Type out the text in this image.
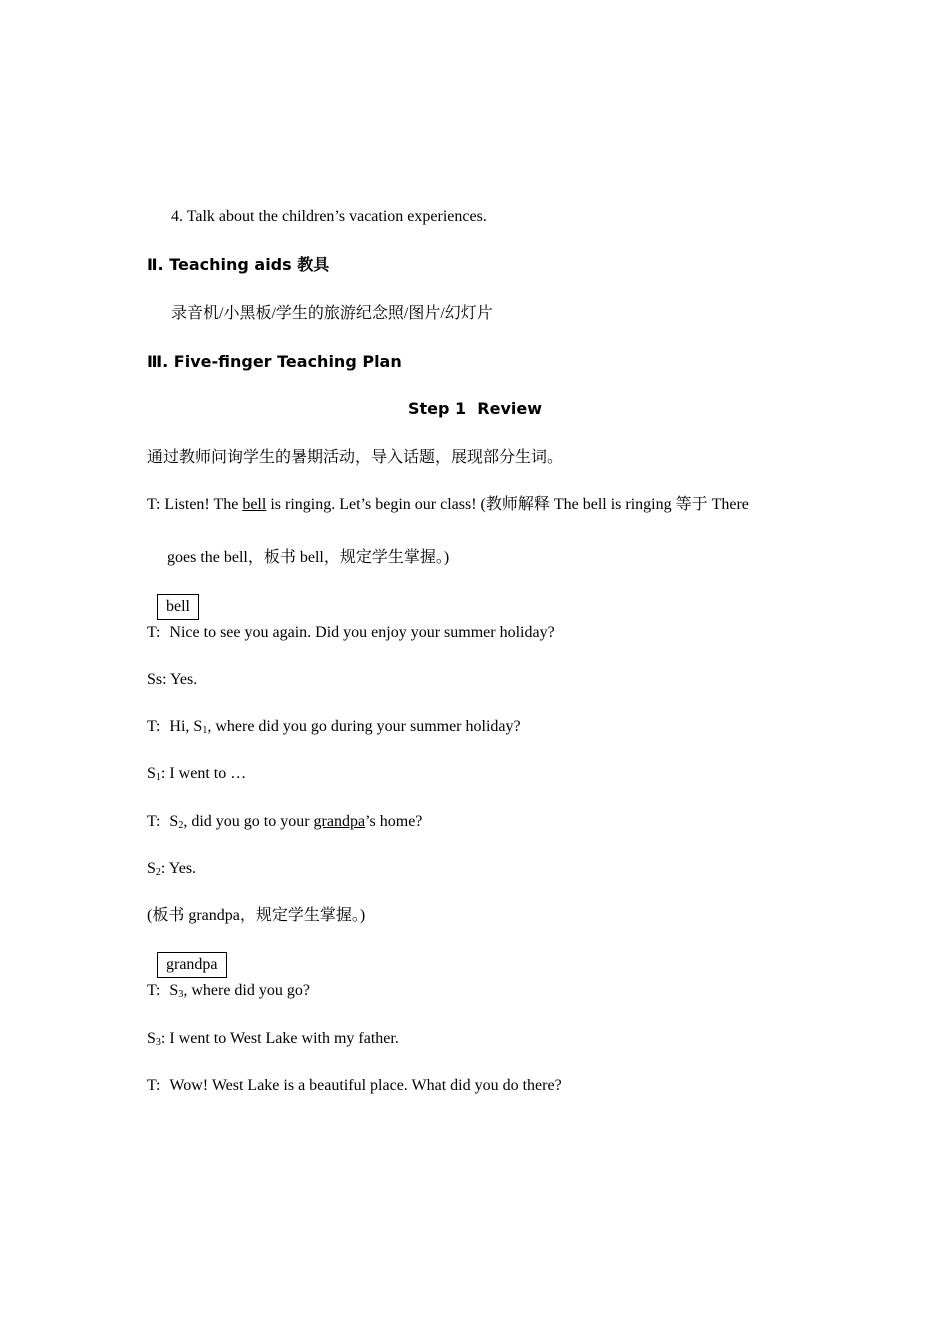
4. Talk about the children’s vacation experiences.
Ⅱ. Teaching aids 教具
录音机/小黑板/学生的旅游纪念照/图片/幻灯片
Ⅲ. Five-finger Teaching Plan
Step 1  Review
通过教师问询学生的暑期活动，导入话题，展现部分生词。
T: Listen! The bell is ringing. Let’s begin our class! (教师解释 The bell is ringing 等于 There
goes the bell，板书 bell，规定学生掌握。)
bell
T: Nice to see you again. Did you enjoy your summer holiday?
Ss: Yes.
T: Hi, $S_1$, where did you go during your summer holiday?
$S_1$: I went to …
T: $S_2$, did you go to your grandpa’s home?
$S_2$: Yes.
(板书 grandpa，规定学生掌握。)
grandpa
T: $S_3$, where did you go?
$S_3$: I went to West Lake with my father.
T: Wow! West Lake is a beautiful place. What did you do there?
